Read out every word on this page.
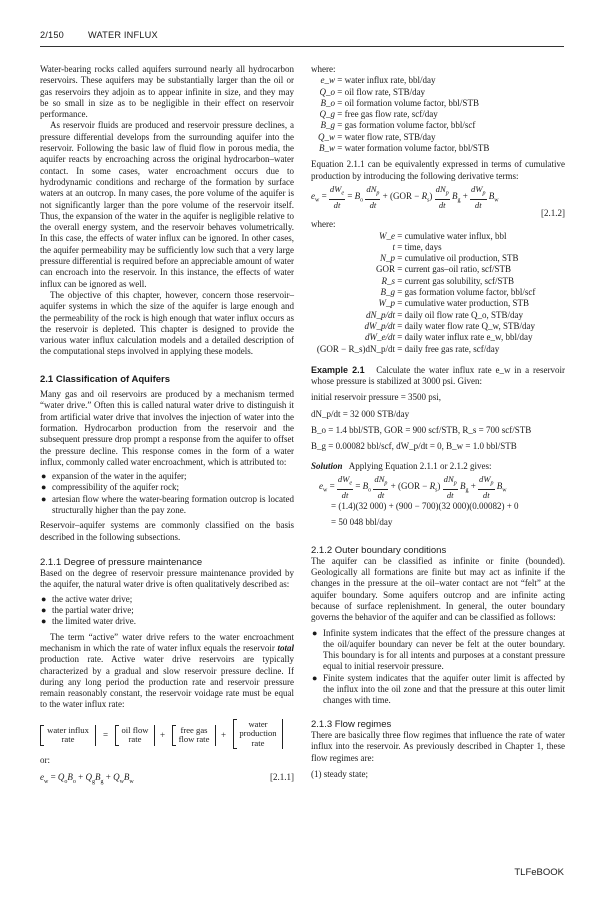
2/150	WATER INFLUX

Water-bearing rocks called aquifers surround nearly all hydrocarbon reservoirs. These aquifers may be substantially larger than the oil or gas reservoirs they adjoin as to appear infinite in size, and they may be so small in size as to be negligible in their effect on reservoir performance.

As reservoir fluids are produced and reservoir pressure declines, a pressure differential develops from the surrounding aquifer into the reservoir. Following the basic law of fluid flow in porous media, the aquifer reacts by encroaching across the original hydrocarbon–water contact. In some cases, water encroachment occurs due to hydrodynamic conditions and recharge of the formation by surface waters at an outcrop. In many cases, the pore volume of the aquifer is not significantly larger than the pore volume of the reservoir itself. Thus, the expansion of the water in the aquifer is negligible relative to the overall energy system, and the reservoir behaves volumetrically. In this case, the effects of water influx can be ignored. In other cases, the aquifer permeability may be sufficiently low such that a very large pressure differential is required before an appreciable amount of water can encroach into the reservoir. In this instance, the effects of water influx can be ignored as well.

The objective of this chapter, however, concern those reservoir–aquifer systems in which the size of the aquifer is large enough and the permeability of the rock is high enough that water influx occurs as the reservoir is depleted. This chapter is designed to provide the various water influx calculation models and a detailed description of the computational steps involved in applying these models.

2.1 Classification of Aquifers

Many gas and oil reservoirs are produced by a mechanism termed “water drive.” Often this is called natural water drive to distinguish it from artificial water drive that involves the injection of water into the formation. Hydrocarbon production from the reservoir and the subsequent pressure drop prompt a response from the aquifer to offset the pressure decline. This response comes in the form of a water influx, commonly called water encroachment, which is attributed to:

● expansion of the water in the aquifer;
● compressibility of the aquifer rock;
● artesian flow where the water-bearing formation outcrop is located structurally higher than the pay zone.

Reservoir–aquifer systems are commonly classified on the basis described in the following subsections.

2.1.1 Degree of pressure maintenance

Based on the degree of reservoir pressure maintenance provided by the aquifer, the natural water drive is often qualitatively described as:

● the active water drive;
● the partial water drive;
● the limited water drive.

The term “active” water drive refers to the water encroachment mechanism in which the rate of water influx equals the reservoir total production rate. Active water drive reservoirs are typically characterized by a gradual and slow reservoir pressure decline. If during any long period the production rate and reservoir pressure remain reasonably constant, the reservoir voidage rate must be equal to the water influx rate:

water influx
rate	=	oil flow
rate	+	free gas
flow rate	+
water
production
rate

or:

$e_w = Q_oB_o + Q_gB_g + Q_wB_w$	[2.1.1]

where:

e_w = water influx rate, bbl/day
Q_o = oil flow rate, STB/day
B_o = oil formation volume factor, bbl/STB
Q_g = free gas flow rate, scf/day
B_g = gas formation volume factor, bbl/scf
Q_w = water flow rate, STB/day
B_w = water formation volume factor, bbl/STB

Equation 2.1.1 can be equivalently expressed in terms of cumulative production by introducing the following derivative terms:

$e_w = \frac{dW_e}{dt} = B_o \frac{dN_p}{dt} + (GOR - R_s) \frac{dN_p}{dt} B_g + \frac{dW_p}{dt} B_w$
[2.1.2]

where:

W_e = cumulative water influx, bbl
t = time, days
N_p = cumulative oil production, STB
GOR = current gas–oil ratio, scf/STB
R_s = current gas solubility, scf/STB
B_g = gas formation volume factor, bbl/scf
W_p = cumulative water production, STB
dN_p/dt = daily oil flow rate Q_o, STB/day
dW_p/dt = daily water flow rate Q_w, STB/day
dW_e/dt = daily water influx rate e_w, bbl/day
(GOR − R_s)dN_p/dt = daily free gas rate, scf/day

Example 2.1 Calculate the water influx rate e_w in a reservoir whose pressure is stabilized at 3000 psi. Given:

initial reservoir pressure = 3500 psi,
dN_p/dt = 32 000 STB/day
B_o = 1.4 bbl/STB, GOR = 900 scf/STB, R_s = 700 scf/STB
B_g = 0.00082 bbl/scf, dW_p/dt = 0, B_w = 1.0 bbl/STB

Solution Applying Equation 2.1.1 or 2.1.2 gives:

$e_w = \frac{dW_e}{dt} = B_o \frac{dN_p}{dt} + (GOR - R_s) \frac{dN_p}{dt} B_g + \frac{dW_p}{dt} B_w$
= (1.4)(32 000) + (900 − 700)(32 000)(0.00082) + 0
= 50 048 bbl/day
2.1.2 Outer boundary conditions

The aquifer can be classified as infinite or finite (bounded). Geologically all formations are finite but may act as infinite if the changes in the pressure at the oil–water contact are not “felt” at the aquifer boundary. Some aquifers outcrop and are infinite acting because of surface replenishment. In general, the outer boundary governs the behavior of the aquifer and can be classified as follows:

● Infinite system indicates that the effect of the pressure changes at the oil/aquifer boundary can never be felt at the outer boundary. This boundary is for all intents and purposes at a constant pressure equal to initial reservoir pressure.
● Finite system indicates that the aquifer outer limit is affected by the influx into the oil zone and that the pressure at this outer limit changes with time.
2.1.3 Flow regimes

There are basically three flow regimes that influence the rate of water influx into the reservoir. As previously described in Chapter 1, these flow regimes are:

(1) steady state;

TLFeBOOK
